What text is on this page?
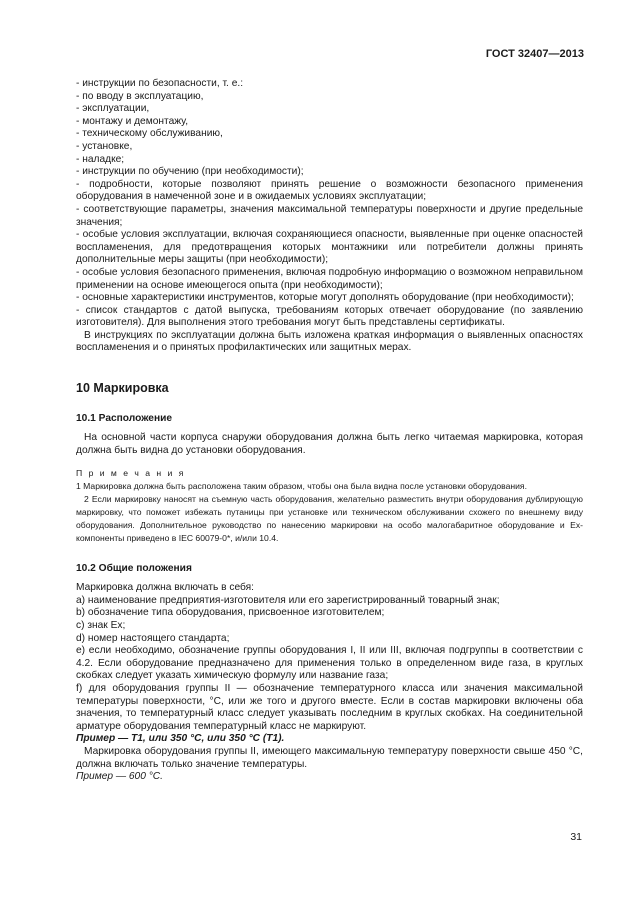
ГОСТ 32407—2013

- инструкции по безопасности, т. е.:

- по вводу в эксплуатацию,

- эксплуатации,

- монтажу и демонтажу,

- техническому обслуживанию,

- установке,

- наладке;

- инструкции по обучению (при необходимости);

- подробности, которые позволяют принять решение о возможности безопасного применения оборудования в намеченной зоне и в ожидаемых условиях эксплуатации;

- соответствующие параметры, значения максимальной температуры поверхности и другие предельные значения;

- особые условия эксплуатации, включая сохраняющиеся опасности, выявленные при оценке опасностей воспламенения, для предотвращения которых монтажники или потребители должны принять дополнительные меры защиты (при необходимости);

- особые условия безопасного применения, включая подробную информацию о возможном неправильном применении на основе имеющегося опыта (при необходимости);

- основные характеристики инструментов, которые могут дополнять оборудование (при необходимости);

- список стандартов с датой выпуска, требованиям которых отвечает оборудование (по заявлению изготовителя). Для выполнения этого требования могут быть представлены сертификаты.

В инструкциях по эксплуатации должна быть изложена краткая информация о выявленных опасностях воспламенения и о принятых профилактических или защитных мерах.

10 Маркировка
10.1 Расположение

На основной части корпуса снаружи оборудования должна быть легко читаемая маркировка, которая должна быть видна до установки оборудования.

П р и м е ч а н и я

1 Маркировка должна быть расположена таким образом, чтобы она была видна после установки оборудования.

2 Если маркировку наносят на съемную часть оборудования, желательно разместить внутри оборудования дублирующую маркировку, что поможет избежать путаницы при установке или техническом обслуживании схожего по внешнему виду оборудования. Дополнительное руководство по нанесению маркировки на особо малогабаритное оборудование и Ex-компоненты приведено в IEC 60079-0*, и/или 10.4.

10.2 Общие положения

Маркировка должна включать в себя:

a) наименование предприятия-изготовителя или его зарегистрированный товарный знак;

b) обозначение типа оборудования, присвоенное изготовителем;

c) знак Ex;

d) номер настоящего стандарта;

e) если необходимо, обозначение группы оборудования I, II или III, включая подгруппы в соответствии с 4.2. Если оборудование предназначено для применения только в определенном виде газа, в круглых скобках следует указать химическую формулу или название газа;

f) для оборудования группы II — обозначение температурного класса или значения максимальной температуры поверхности, °C, или же того и другого вместе. Если в состав маркировки включены оба значения, то температурный класс следует указывать последним в круглых скобках. На соединительной арматуре оборудования температурный класс не маркируют.

Пример — Т1, или 350 °С, или 350 °С (Т1).

Маркировка оборудования группы II, имеющего максимальную температуру поверхности свыше 450 °С, должна включать только значение температуры.

Пример — 600 °С.

31
